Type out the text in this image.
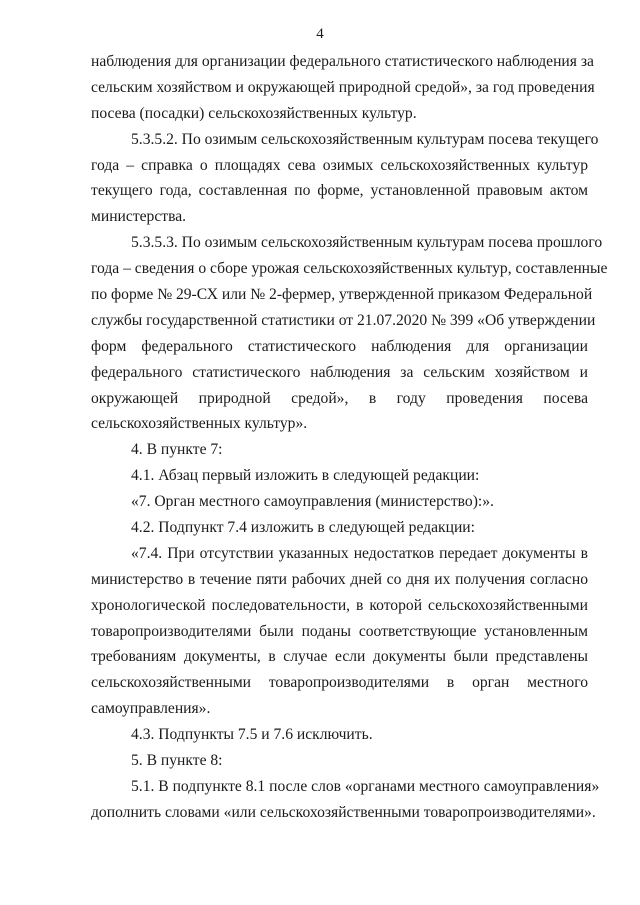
4
наблюдения для организации федерального статистического наблюдения за
сельским хозяйством и окружающей природной средой», за год проведения
посева (посадки) сельскохозяйственных культур.
5.3.5.2. По озимым сельскохозяйственным культурам посева текущего
года – справка о площадях сева озимых сельскохозяйственных культур
текущего года, составленная по форме, установленной правовым актом
министерства.
5.3.5.3. По озимым сельскохозяйственным культурам посева прошлого
года – сведения о сборе урожая сельскохозяйственных культур, составленные
по форме № 29-СХ или № 2-фермер, утвержденной приказом Федеральной
службы государственной статистики от 21.07.2020 № 399 «Об утверждении
форм федерального статистического наблюдения для организации
федерального статистического наблюдения за сельским хозяйством и
окружающей природной средой», в году проведения посева
сельскохозяйственных культур».
4. В пункте 7:
4.1. Абзац первый изложить в следующей редакции:
«7. Орган местного самоуправления (министерство):».
4.2. Подпункт 7.4 изложить в следующей редакции:
«7.4. При отсутствии указанных недостатков передает документы в
министерство в течение пяти рабочих дней со дня их получения согласно
хронологической последовательности, в которой сельскохозяйственными
товаропроизводителями были поданы соответствующие установленным
требованиям документы, в случае если документы были представлены
сельскохозяйственными товаропроизводителями в орган местного
самоуправления».
4.3. Подпункты 7.5 и 7.6 исключить.
5. В пункте 8:
5.1. В подпункте 8.1 после слов «органами местного самоуправления»
дополнить словами «или сельскохозяйственными товаропроизводителями».
